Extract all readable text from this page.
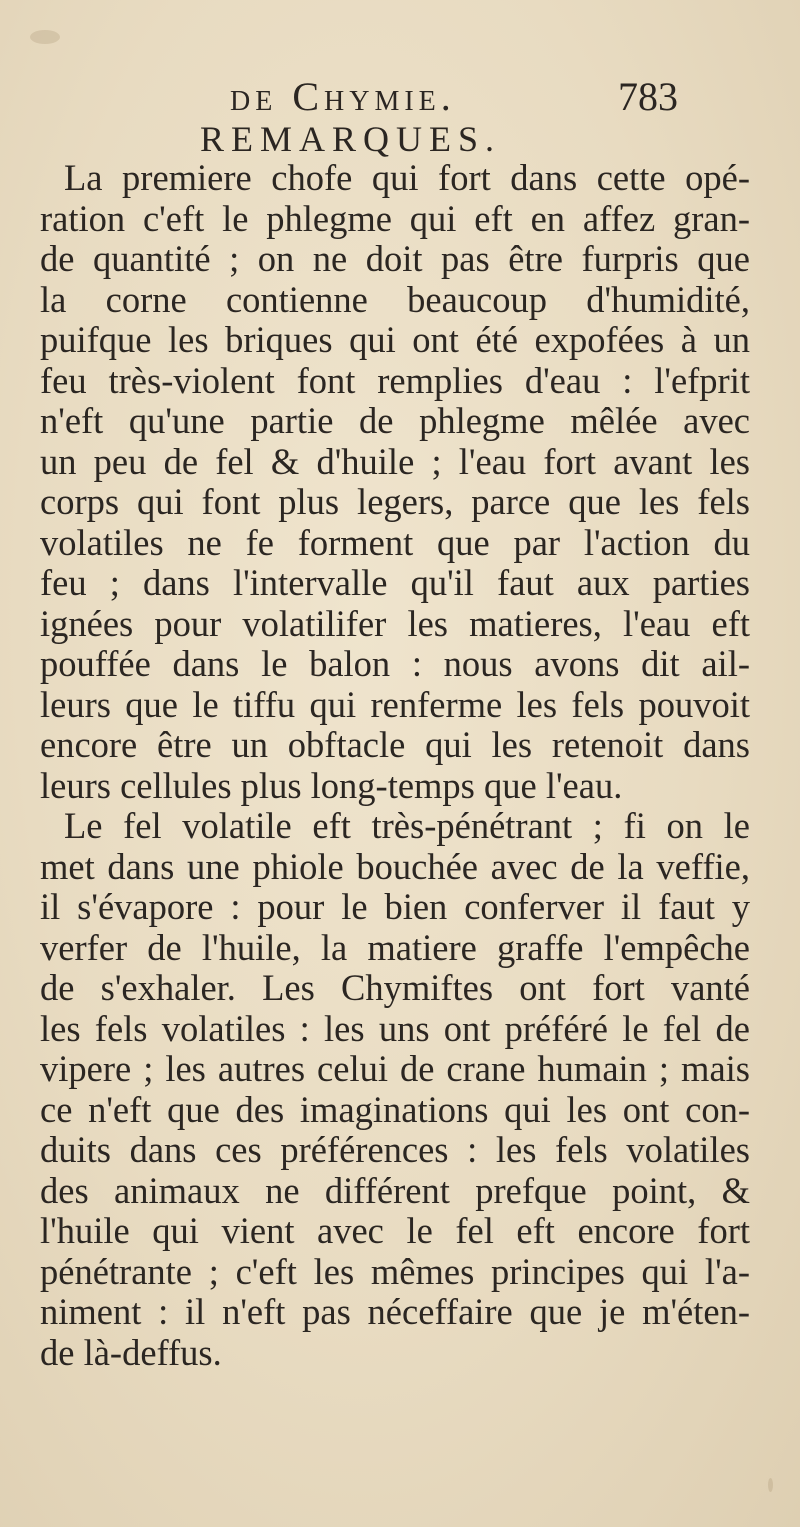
de Chymie.	783
REMARQUES.
La premiere chofe qui fort dans cette opé-
ration c'eft le phlegme qui eft en affez gran-
de quantité ; on ne doit pas être furpris que
la corne contienne beaucoup d'humidité,
puifque les briques qui ont été expofées à un
feu très-violent font remplies d'eau : l'efprit
n'eft qu'une partie de phlegme mêlée avec
un peu de fel & d'huile ; l'eau fort avant les
corps qui font plus legers, parce que les fels
volatiles ne fe forment que par l'action du
feu ; dans l'intervalle qu'il faut aux parties
ignées pour volatilifer les matieres, l'eau eft
pouffée dans le balon : nous avons dit ail-
leurs que le tiffu qui renferme les fels pouvoit
encore être un obftacle qui les retenoit dans
leurs cellules plus long-temps que l'eau.
Le fel volatile eft très-pénétrant ; fi on le
met dans une phiole bouchée avec de la veffie,
il s'évapore : pour le bien conferver il faut y
verfer de l'huile, la matiere graffe l'empêche
de s'exhaler. Les Chymiftes ont fort vanté
les fels volatiles : les uns ont préféré le fel de
vipere ; les autres celui de crane humain ; mais
ce n'eft que des imaginations qui les ont con-
duits dans ces préférences : les fels volatiles
des animaux ne différent prefque point, &
l'huile qui vient avec le fel eft encore fort
pénétrante ; c'eft les mêmes principes qui l'a-
niment : il n'eft pas néceffaire que je m'éten-
de là-deffus.
